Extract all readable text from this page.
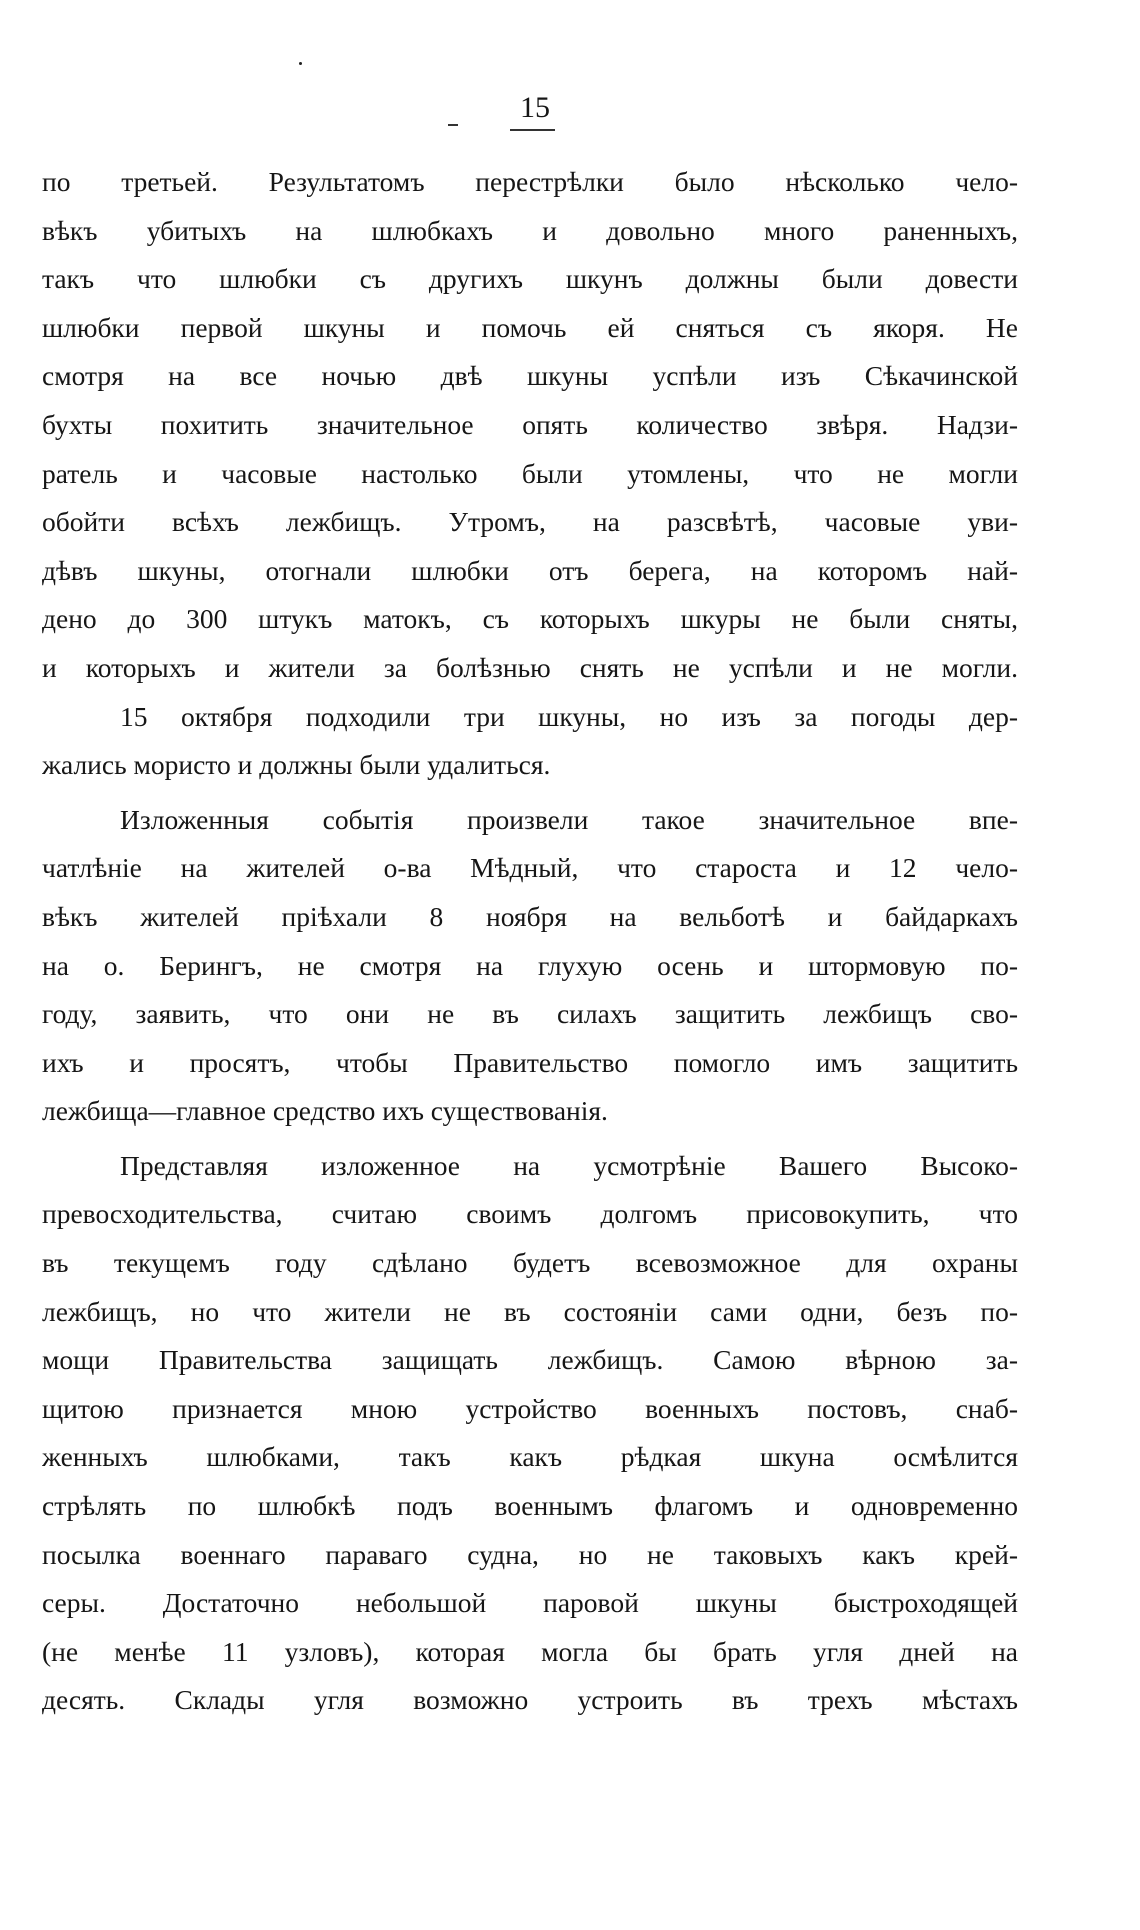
15
по третьей. Результатомъ перестрѣлки было нѣсколько чело-
вѣкъ убитыхъ на шлюбкахъ и довольно много раненныхъ,
такъ что шлюбки съ другихъ шкунъ должны были довести
шлюбки первой шкуны и помочь ей сняться съ якоря. Не
смотря на все ночью двѣ шкуны успѣли изъ Сѣкачинской
бухты похитить значительное опять количество звѣря. Надзи-
ратель и часовые настолько были утомлены, что не могли
обойти всѣхъ лежбищъ. Утромъ, на разсвѣтѣ, часовые уви-
дѣвъ шкуны, отогнали шлюбки отъ берега, на которомъ най-
дено до 300 штукъ матокъ, съ которыхъ шкуры не были сняты,
и которыхъ и жители за болѣзнью снять не успѣли и не могли.
15 октября подходили три шкуны, но изъ за погоды дер-
жались мористо и должны были удалиться.
Изложенныя событія произвели такое значительное впе-
чатлѣніе на жителей о-ва Мѣдный, что староста и 12 чело-
вѣкъ жителей пріѣхали 8 ноября на вельботѣ и байдаркахъ
на о. Берингъ, не смотря на глухую осень и штормовую по-
году, заявить, что они не въ силахъ защитить лежбищъ сво-
ихъ и просятъ, чтобы Правительство помогло имъ защитить
лежбища—главное средство ихъ существованія.
Представляя изложенное на усмотрѣніе Вашего Высоко-
превосходительства, считаю своимъ долгомъ присовокупить, что
въ текущемъ году сдѣлано будетъ всевозможное для охраны
лежбищъ, но что жители не въ состояніи сами одни, безъ по-
мощи Правительства защищать лежбищъ. Самою вѣрною за-
щитою признается мною устройство военныхъ постовъ, снаб-
женныхъ шлюбками, такъ какъ рѣдкая шкуна осмѣлится
стрѣлять по шлюбкѣ подъ военнымъ флагомъ и одновременно
посылка военнаго параваго судна, но не таковыхъ какъ крей-
серы. Достаточно небольшой паровой шкуны быстроходящей
(не менѣе 11 узловъ), которая могла бы брать угля дней на
десять. Склады угля возможно устроить въ трехъ мѣстахъ
